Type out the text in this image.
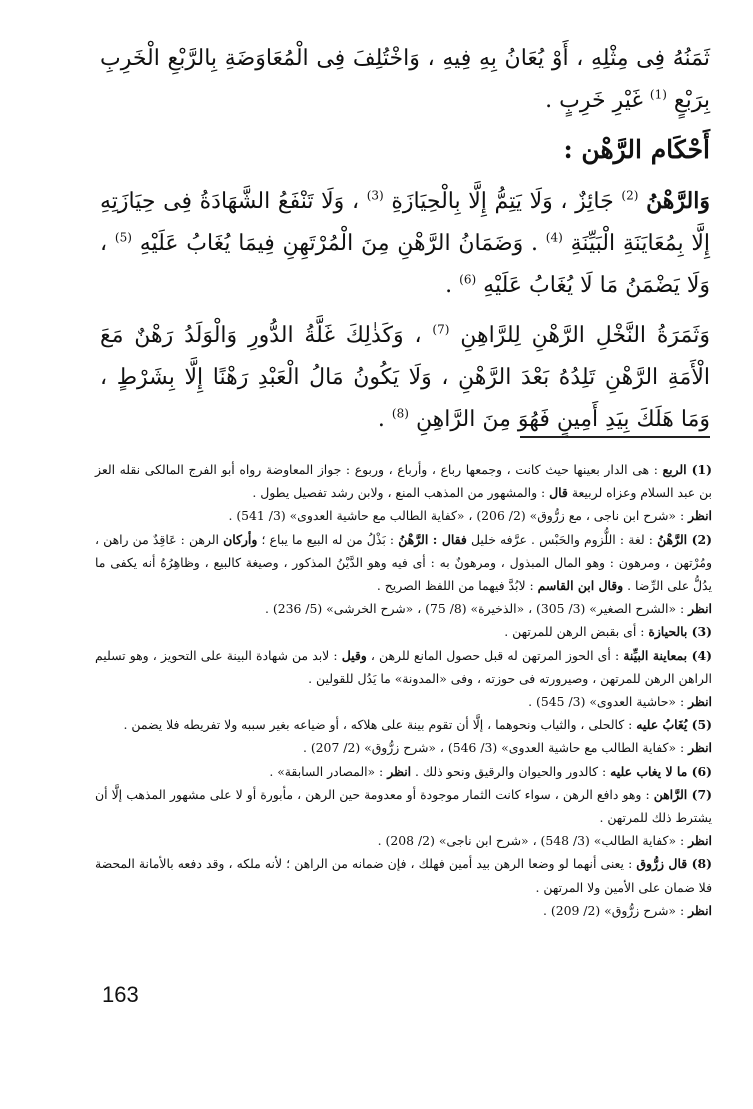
ثَمَنُهُ فِى مِثْلِهِ ، أَوْ يُعَانُ بِهِ فِيهِ ، وَاخْتُلِفَ فِى الْمُعَاوَضَةِ بِالرَّبْعِ الْخَرِبِ بِرَبْعٍ $^{(1)}$ غَيْرِ خَرِبٍ .

أَحْكَام الرَّهْن :

وَالرَّهْنُ $^{(2)}$ جَائِزٌ ، وَلَا يَتِمُّ إِلَّا بِالْحِيَازَةِ $^{(3)}$ ، وَلَا تَنْفَعُ الشَّهَادَةُ فِى حِيَازَتِهِ إِلَّا بِمُعَايَنَةِ الْبَيِّنَةِ $^{(4)}$ . وَضَمَانُ الرَّهْنِ مِنَ الْمُرْتَهِنِ فِيمَا يُغَابُ عَلَيْهِ $^{(5)}$ ، وَلَا يَضْمَنُ مَا لَا يُغَابُ عَلَيْهِ $^{(6)}$ .

وَثَمَرَةُ النَّخْلِ الرَّهْنِ لِلرَّاهِنِ $^{(7)}$ ، وَكَذٰلِكَ غَلَّةُ الدُّورِ وَالْوَلَدُ رَهْنٌ مَعَ الْأَمَةِ الرَّهْنِ تَلِدُهُ بَعْدَ الرَّهْنِ ، وَلَا يَكُونُ مَالُ الْعَبْدِ رَهْنًا إِلَّا بِشَرْطٍ ، وَمَا هَلَكَ بِيَدِ أَمِينٍ فَهُوَ مِنَ الرَّاهِنِ $^{(8)}$ .

(1) الربع : هى الدار بعينها حيث كانت ، وجمعها رباع ، وأرباع ، وربوع : جواز المعاوضة رواه أبو الفرج المالكى نقله العز بن عبد السلام وعزاه لربيعة قال : والمشهور من المذهب المنع ، ولابن رشد تفصيل يطول .

انظر : «شرح ابن ناجى ، مع زرُّوق» (2/ 206) ، «كفاية الطالب مع حاشية العدوى» (3/ 541) .

(2) الرَّهْنُ : لغة : اللُّزوم والحَبْس . عرَّفه خليل فقال : الرَّهْنُ : بَذْلُ من له البيع ما يباع ؛ وأركان الرهن : عَاقِدٌ من راهن ، ومُرْتهن ، ومرهون : وهو المال المبذول ، ومرهونٌ به : أى فيه وهو الدَّيْنُ المذكور ، وصيغة كالبيع ، وظاهِرُهُ أنه يكفى ما يدُلُّ على الرِّضا . وقال ابن القاسم : لابُدَّ فيهما من اللفظ الصريح .

انظر : «الشرح الصغير» (3/ 305) ، «الذخيرة» (8/ 75) ، «شرح الخرشى» (5/ 236) .

(3) بالحيازة : أى بقبض الرهن للمرتهن .

(4) بمعاينة البيِّنة : أى الحوز المرتهن له قبل حصول المانع للرهن ، وقيل : لابد من شهادة البينة على التحويز ، وهو تسليم الراهن الرهن للمرتهن ، وصيرورته فى حوزته ، وفى «المدونة» ما يَدُل للقولين .

انظر : «حاشية العدوى» (3/ 545) .

(5) يُغَابُ عليه : كالحلى ، والثياب ونحوهما ، إلَّا أن تقوم بينة على هلاكه ، أو ضياعه بغير سببه ولا تفريطه فلا يضمن .

انظر : «كفاية الطالب مع حاشية العدوى» (3/ 546) ، «شرح زرُّوق» (2/ 207) .

(6) ما لا يغاب عليه : كالدور والحيوان والرقيق ونحو ذلك . انظر : «المصادر السابقة» .

(7) الرَّاهن : وهو دافع الرهن ، سواء كانت الثمار موجودة أو معدومة حين الرهن ، مأبورة أو لا على مشهور المذهب إلَّا أن يشترط ذلك للمرتهن .

انظر : «كفاية الطالب» (3/ 548) ، «شرح ابن ناجى» (2/ 208) .

(8) قال زرُّوق : يعنى أنهما لو وضعا الرهن بيد أمين فهلك ، فإن ضمانه من الراهن ؛ لأنه ملكه ، وقد دفعه بالأمانة المحضة فلا ضمان على الأمين ولا المرتهن .

انظر : «شرح زرُّوق» (2/ 209) .

163
